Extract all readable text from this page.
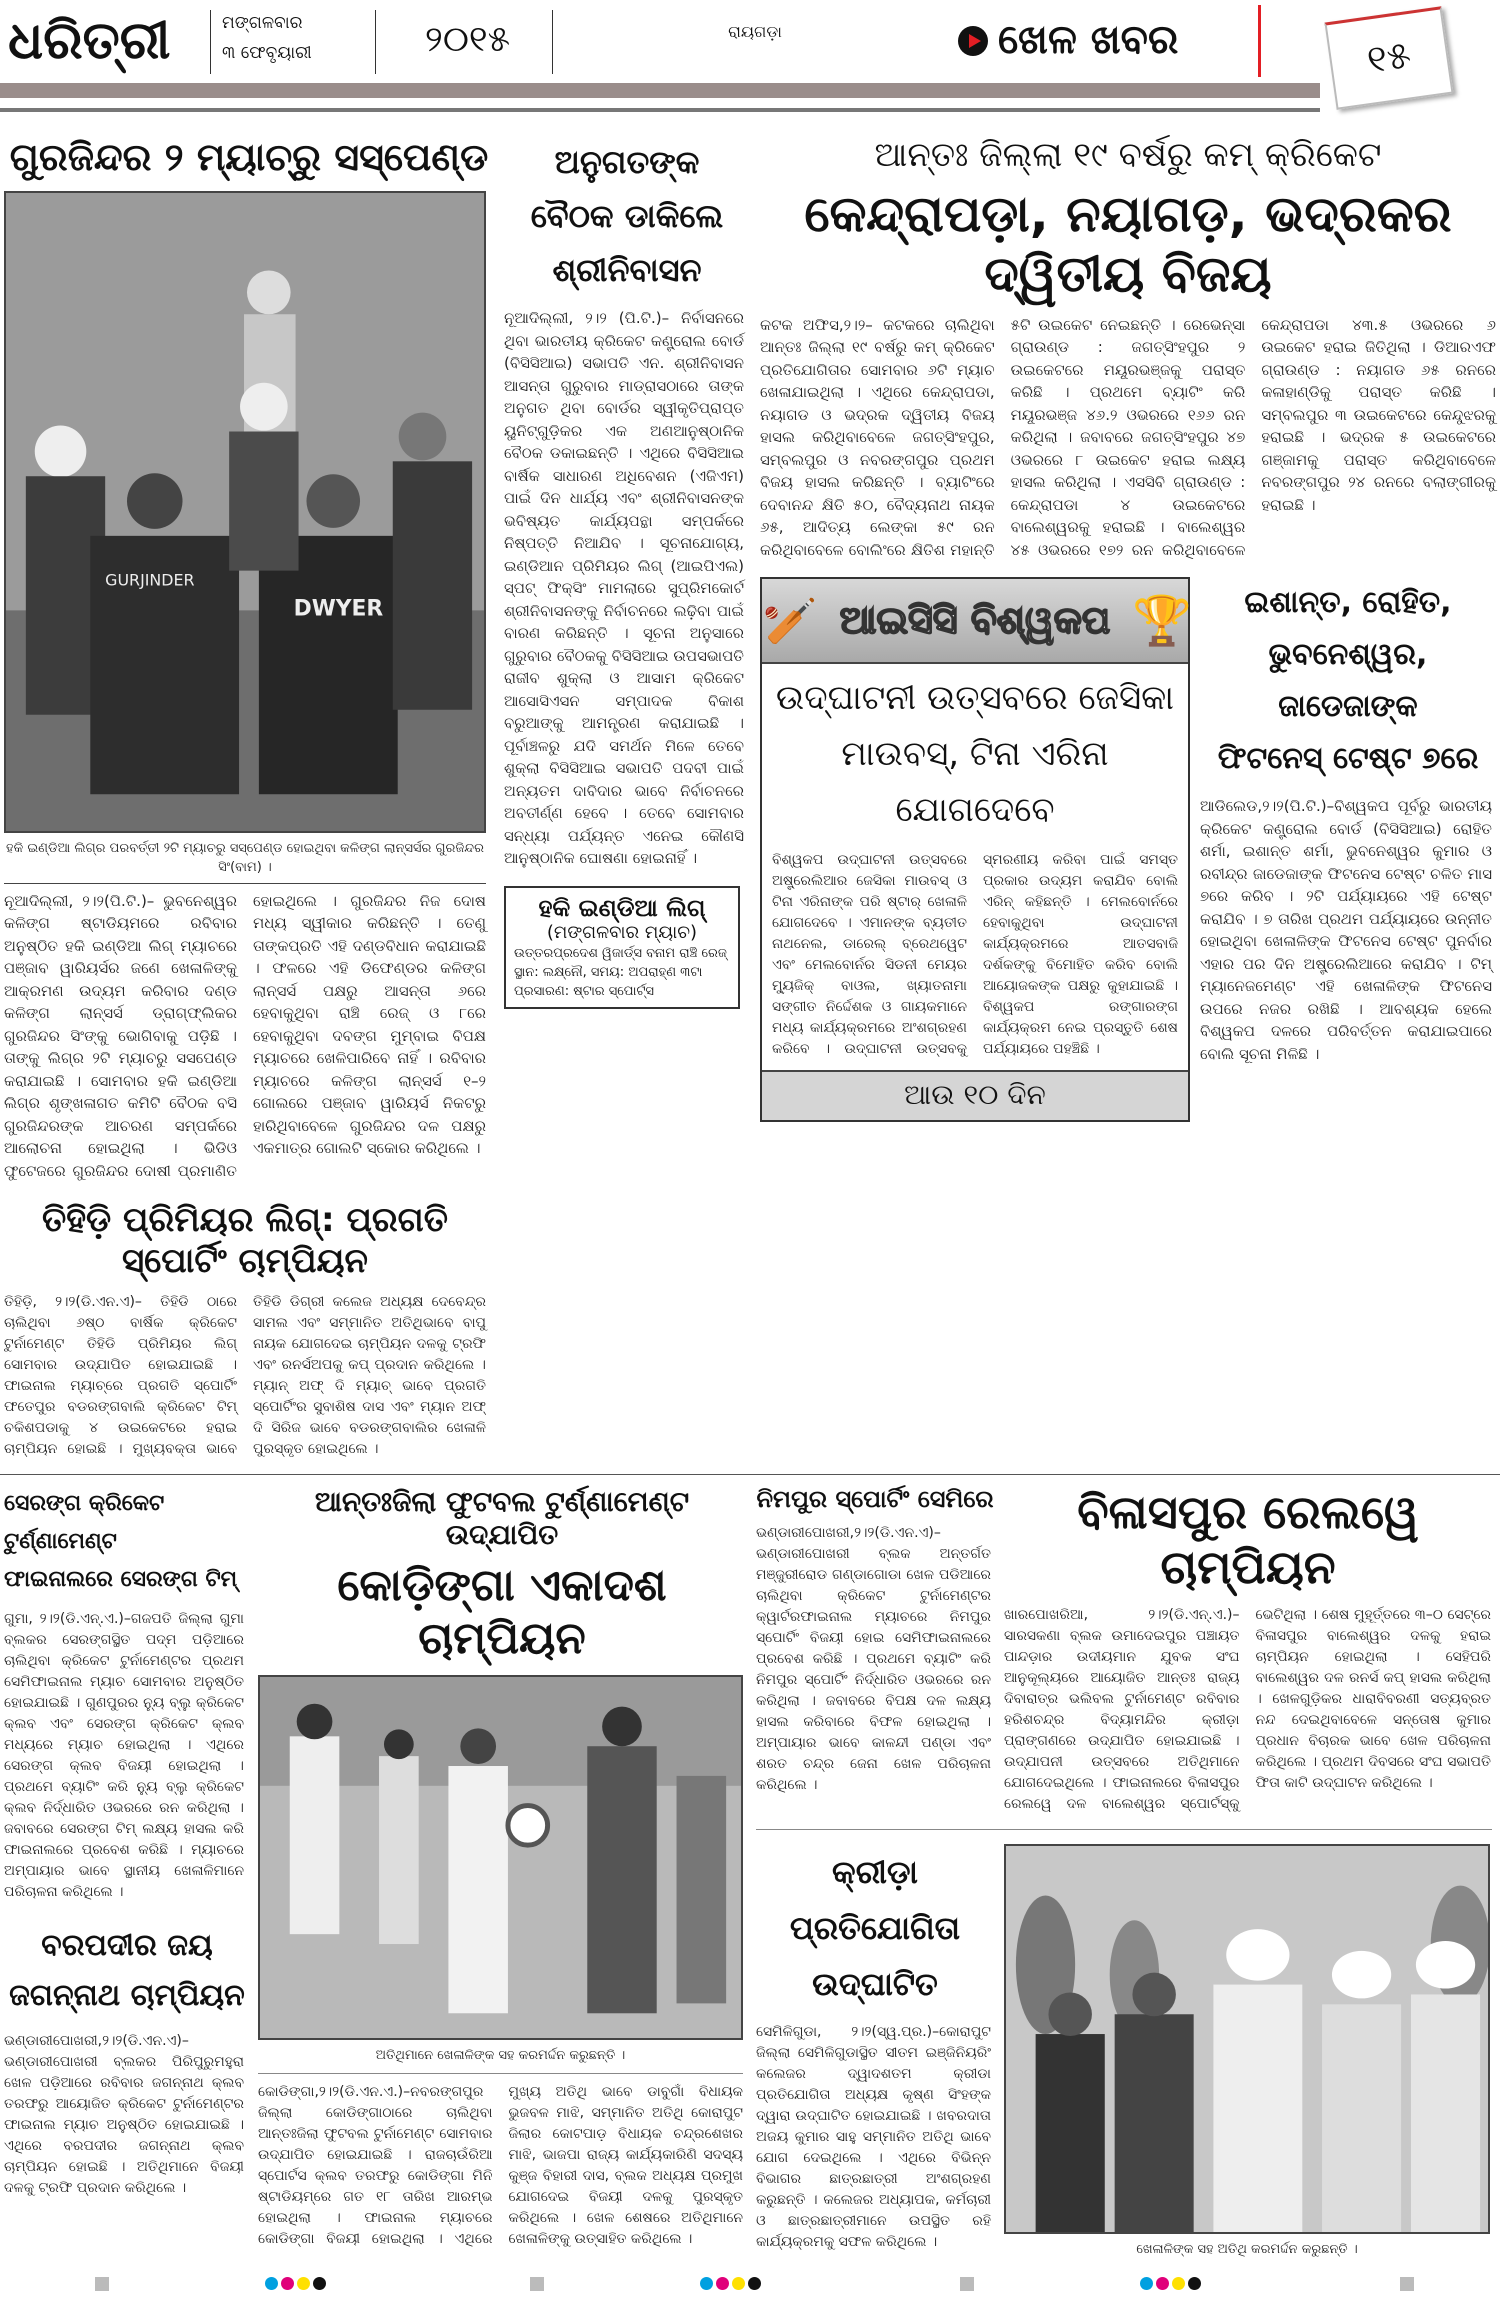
ଧରିତ୍ରୀ	ମଙ୍ଗଳବାର
୩ ଫେବୃୟାରୀ	୨୦୧୫	ରାୟଗଡ଼ା	ଖେଳ ଖବର	୧୫
ଗୁରଜିନ୍ଦର ୨ ମ୍ୟାଚ୍‌ରୁ ସସ୍‌ପେଣ୍ଡ
GURJINDER
DWYER
ହକି ଇଣ୍ଡିଆ ଲିଗ୍‌ର ପରବର୍ତ୍ତୀ ୨ଟି ମ୍ୟାଚରୁ ସସ୍‌ପେଣ୍ଡ ହୋଇଥିବା କଳିଙ୍ଗ ଲାନ୍ସର୍ସର ଗୁରଜିନ୍ଦର ସିଂ(ବାମ) ।
ନୂଆଦିଲ୍ଲୀ, ୨।୨(ପି.ଟି.)– ଭୁବନେଶ୍ୱର କଳିଙ୍ଗ ଷ୍ଟାଡିୟମରେ ରବିବାର ଅନୁଷ୍ଠିତ ହକି ଇଣ୍ଡିଆ ଲିଗ୍ ମ୍ୟାଚରେ ପଞ୍ଜାବ ୱାରିୟର୍ସର ଜଣେ ଖେଳାଳିଙ୍କୁ ଆକ୍ରମଣ ଉଦ୍ୟମ କରିବାର ଦଣ୍ଡ କଳିଙ୍ଗ ଲାନ୍ସର୍ସ ଡ୍ରାଗ୍‌ଫ୍ଲିକର ଗୁରଜିନ୍ଦର ସିଂଙ୍କୁ ଭୋଗିବାକୁ ପଡ଼ିଛି । ତାଙ୍କୁ ଲିଗ୍‌ର ୨ଟି ମ୍ୟାଚରୁ ସସପେଣ୍ଡ କରାଯାଇଛି । ସୋମବାର ହକି ଇଣ୍ଡିଆ ଲିଗ୍‌ର ଶୃଙ୍ଖଳାଗତ କମିଟି ବୈଠକ ବସି ଗୁରଜିନ୍ଦରଙ୍କ ଆଚରଣ ସମ୍ପର୍କରେ ଆଲୋଚନା ହୋଇଥିଲା । ଭିଡିଓ ଫୁଟେଜରେ ଗୁରଜିନ୍ଦର ଦୋଷୀ ପ୍ରମାଣିତ ହୋଇଥିଲେ । ଗୁରଜିନ୍ଦର ନିଜ ଦୋଷ ମଧ୍ୟ ସ୍ୱୀକାର କରିଛନ୍ତି । ତେଣୁ ତାଙ୍କପ୍ରତି ଏହି ଦଣ୍ଡବିଧାନ କରାଯାଇଛି । ଫଳରେ ଏହି ଡିଫେଣ୍ଡର କଳିଙ୍ଗ ଲାନ୍ସର୍ସ ପକ୍ଷରୁ ଆସନ୍ତା ୬ରେ ହେବାକୁଥିବା ରାଞ୍ଚି ରେଜ୍ ଓ ୮ରେ ହେବାକୁଥିବା ଦବଙ୍ଗ ମୁମ୍ବାଇ ବିପକ୍ଷ ମ୍ୟାଚରେ ଖେଳିପାରିବେ ନାହିଁ । ରବିବାର ମ୍ୟାଚରେ କଳିଙ୍ଗ ଲାନ୍ସର୍ସ ୧–୨ ଗୋଲରେ ପଞ୍ଜାବ ୱାରିୟର୍ସ ନିକଟରୁ ହାରିଥିବାବେଳେ ଗୁରଜିନ୍ଦର ଦଳ ପକ୍ଷରୁ ଏକମାତ୍ର ଗୋଲଟି ସ୍କୋର କରିଥିଲେ ।
ତିହିଡ଼ି ପ୍ରିମିୟର ଲିଗ୍: ପ୍ରଗତି ସ୍ପୋର୍ଟିଂ ଚାମ୍ପିୟନ
ତିହିଡ଼ି, ୨।୨(ଡି.ଏନ.ଏ)– ତିହିଡି ଠାରେ ଚାଲିଥିବା ୬ଷ୍ଠ ବାର୍ଷିକ କ୍ରିକେଟ ଟୁର୍ନାମେଣ୍ଟ ତିହିଡି ପ୍ରିମିୟର ଲିଗ୍ ସୋମବାର ଉଦ୍‌ଯାପିତ ହୋଇଯାଇଛି । ଫାଇନାଲ ମ୍ୟାଚ୍‌ରେ ପ୍ରଗତି ସ୍ପୋର୍ଟିଂ ଫତେପୁର ବଡରଙ୍ଗବାଲି କ୍ରିକେଟ ଟିମ୍ ଚକିଶପଡାକୁ ୪ ଉଇକେଟରେ ହରାଇ ଚାମ୍ପିୟନ ହୋଇଛି । ମୁଖ୍ୟବକ୍ତା ଭାବେ ତିହିଡି ଡିଗ୍ରୀ କଲେଜ ଅଧ୍ୟକ୍ଷ ଦେବେନ୍ଦ୍ର ସାମଲ ଏବଂ ସମ୍ମାନିତ ଅତିଥିଭାବେ ବାପୁ ନାୟକ ଯୋଗଦେଇ ଚାମ୍ପିୟନ ଦଳକୁ ଟ୍ରଫି ଏବଂ ରନର୍ସଅପକୁ କପ୍ ପ୍ରଦାନ କରିଥିଲେ । ମ୍ୟାନ୍ ଅଫ୍ ଦି ମ୍ୟାଚ୍ ଭାବେ ପ୍ରଗତି ସ୍ପୋର୍ଟିଂର ସୁବାଶିଷ ଦାସ ଏବଂ ମ୍ୟାନ ଅଫ୍ ଦି ସିରିଜ ଭାବେ ବଡରଙ୍ଗବାଲିର ଖେଳାଳି ପୁରସ୍କୃତ ହୋଇଥିଲେ ।
ଅନୁଗତଙ୍କ
ବୈଠକ ଡାକିଲେ
ଶ୍ରୀନିବାସନ
ନୂଆଦିଲ୍ଲୀ, ୨।୨ (ପି.ଟି.)– ନିର୍ବାସନରେ ଥିବା ଭାରତୀୟ କ୍ରିକେଟ କଣ୍ଟ୍ରୋଲ ବୋର୍ଡ (ବିସିସିଆଇ) ସଭାପତି ଏନ. ଶ୍ରୀନିବାସନ ଆସନ୍ତା ଗୁରୁବାର ମାଡ୍ରାସଠାରେ ତାଙ୍କ ଅନୁଗତ ଥିବା ବୋର୍ଡର ସ୍ୱୀକୃତିପ୍ରାପ୍ତ ୟୁନିଟ୍‌ଗୁଡ଼ିକର ଏକ ଅଣଆନୁଷ୍ଠାନିକ ବୈଠକ ଡକାଇଛନ୍ତି । ଏଥିରେ ବିସିସିଆଇ ବାର୍ଷିକ ସାଧାରଣ ଅଧିବେଶନ (ଏଜିଏମ) ପାଇଁ ଦିନ ଧାର୍ଯ୍ୟ ଏବଂ ଶ୍ରୀନିବାସନଙ୍କ ଭବିଷ୍ୟତ କାର୍ଯ୍ୟପନ୍ଥା ସମ୍ପର୍କରେ ନିଷ୍ପତ୍ତି ନିଆଯିବ । ସୂଚନାଯୋଗ୍ୟ, ଇଣ୍ଡିଆନ ପ୍ରିମିୟର ଲିଗ୍ (ଆଇପିଏଲ) ସ୍ପଟ୍ ଫିକ୍ସିଂ ମାମଲାରେ ସୁପ୍ରିମକୋର୍ଟ ଶ୍ରୀନିବାସନଙ୍କୁ ନିର୍ବାଚନରେ ଲଢ଼ିବା ପାଇଁ ବାରଣ କରିଛନ୍ତି । ସୂଚନା ଅନୁସାରେ ଗୁରୁବାର ବୈଠକକୁ ବିସିସିଆଇ ଉପସଭାପତି ରାଜୀବ ଶୁକ୍ଲା ଓ ଆସାମ କ୍ରିକେଟ ଆସୋସିଏସନ ସମ୍ପାଦକ ବିକାଶ ବରୁଆଙ୍କୁ ଆମନ୍ତ୍ରଣ କରାଯାଇଛି । ପୂର୍ବାଞ୍ଚଳରୁ ଯଦି ସମର୍ଥନ ମିଳେ ତେବେ ଶୁକ୍ଲା ବିସିସିଆଇ ସଭାପତି ପଦବୀ ପାଇଁ ଅନ୍ୟତମ ଦାବିଦାର ଭାବେ ନିର୍ବାଚନରେ ଅବତୀର୍ଣ୍ଣ ହେବେ । ତେବେ ସୋମବାର ସନ୍ଧ୍ୟା ପର୍ଯ୍ୟନ୍ତ ଏନେଇ କୌଣସି ଆନୁଷ୍ଠାନିକ ଘୋଷଣା ହୋଇନାହିଁ ।
ହକି ଇଣ୍ଡିଆ ଲିଗ୍
(ମଙ୍ଗଳବାର ମ୍ୟାଚ)
ଉତ୍ତରପ୍ରଦେଶ ୱିଜାର୍ଡ୍ସ ବନାମ ରାଞ୍ଚି ରେଜ୍
ସ୍ଥାନ: ଲକ୍ଷ୍ନୌ, ସମୟ: ଅପରାହ୍ଣ ୩ଟା
ପ୍ରସାରଣ: ଷ୍ଟାର ସ୍ପୋର୍ଟ୍ସ
ଆନ୍ତଃ ଜିଲ୍ଲା ୧୯ ବର୍ଷରୁ କମ୍ କ୍ରିକେଟ
କେନ୍ଦ୍ରାପଡ଼ା, ନୟାଗଡ଼, ଭଦ୍ରକର ଦ୍ୱିତୀୟ ବିଜୟ
କଟକ ଅଫିସ,୨।୨– କଟକରେ ଚାଲିଥିବା ଆନ୍ତଃ ଜିଲ୍ଲା ୧୯ ବର୍ଷରୁ କମ୍ କ୍ରିକେଟ ପ୍ରତିଯୋଗିତାର ସୋମବାର ୬ଟି ମ୍ୟାଚ ଖେଳାଯାଇଥିଲା । ଏଥିରେ କେନ୍ଦ୍ରାପଡା, ନୟାଗଡ ଓ ଭଦ୍ରକ ଦ୍ୱିତୀୟ ବିଜୟ ହାସଲ କରିଥିବାବେଳେ ଜଗତ୍‌ସିଂହପୁର, ସମ୍ବଲପୁର ଓ ନବରଙ୍ଗପୁର ପ୍ରଥମ ବିଜୟ ହାସଲ କରିଛନ୍ତି । ବ୍ୟାଟିଂରେ ଦେବାନନ୍ଦ କ୍ଷିତି ୫୦, ବୈଦ୍ୟନାଥ ନାୟକ ୬୫, ଆଦିତ୍ୟ ଲେଙ୍କା ୫୯ ରନ କରିଥିବାବେଳେ ବୋଲିଂରେ କ୍ଷିତିଶ ମହାନ୍ତି ୫ଟି ଉଇକେଟ ନେଇଛନ୍ତି । ରେଭେନ୍ସା ଗ୍ରାଉଣ୍ଡ : ଜଗତ୍‌ସିଂହପୁର ୨ ଉଇକେଟରେ ମୟୂରଭଞ୍ଜକୁ ପରାସ୍ତ କରିଛି । ପ୍ରଥମେ ବ୍ୟାଟିଂ କରି ମୟୂରଭଞ୍ଜ ୪୬.୨ ଓଭରରେ ୧୬୬ ରନ କରିଥିଲା । ଜବାବରେ ଜଗତ୍‌ସିଂହପୁର ୪୭ ଓଭରରେ ୮ ଉଇକେଟ ହରାଇ ଲକ୍ଷ୍ୟ ହାସଲ କରିଥିଲା । ଏସସିବି ଗ୍ରାଉଣ୍ଡ : କେନ୍ଦ୍ରାପଡା ୪ ଉଇକେଟରେ ବାଲେଶ୍ୱରକୁ ହରାଇଛି । ବାଲେଶ୍ୱର ୪୫ ଓଭରରେ ୧୭୨ ରନ କରିଥିବାବେଳେ କେନ୍ଦ୍ରାପଡା ୪୩.୫ ଓଭରରେ ୬ ଉଇକେଟ ହରାଇ ଜିତିଥିଲା । ଡିଆରଏଫ ଗ୍ରାଉଣ୍ଡ : ନୟାଗଡ ୬୫ ରନରେ କଳାହାଣ୍ଡିକୁ ପରାସ୍ତ କରିଛି । ସମ୍ବଲପୁର ୩ ଉଇକେଟରେ କେନ୍ଦୁଝରକୁ ହରାଇଛି । ଭଦ୍ରକ ୫ ଉଇକେଟରେ ଗଞ୍ଜାମକୁ ପରାସ୍ତ କରିଥିବାବେଳେ ନବରଙ୍ଗପୁର ୨୪ ରନରେ ବଲାଙ୍ଗୀରକୁ ହରାଇଛି ।
🏏 ଆଇସିସି ବିଶ୍ୱକପ 🏆
ଉଦ୍‌ଘାଟନୀ ଉତ୍ସବରେ ଜେସିକା
ମାଉବସ୍, ଟିନା ଏରିନା ଯୋଗଦେବେ
ବିଶ୍ୱକପ ଉଦ୍‌ଘାଟନୀ ଉତ୍ସବରେ ଅଷ୍ଟ୍ରେଲିଆର ଜେସିକା ମାଉବସ୍ ଓ ଟିନା ଏରିନାଙ୍କ ପରି ଷ୍ଟାର୍ ଖେଳାଳି ଯୋଗଦେବେ । ଏମାନଙ୍କ ବ୍ୟତୀତ ନାଥନେଲ, ଡାରେଲ୍ ବ୍ରେଥୱେଟ ଏବଂ ମେଲବୋର୍ନର ସିଡନୀ ମେୟର ମ୍ୟୁଜିକ୍ ବାଓଲ, ଖ୍ୟାତନାମା ସଙ୍ଗୀତ ନିର୍ଦ୍ଦେଶକ ଓ ଗାୟକମାନେ ମଧ୍ୟ କାର୍ଯ୍ୟକ୍ରମରେ ଅଂଶଗ୍ରହଣ କରିବେ । ଉଦ୍‌ଘାଟନୀ ଉତ୍ସବକୁ ସ୍ମରଣୀୟ କରିବା ପାଇଁ ସମସ୍ତ ପ୍ରକାର ଉଦ୍ୟମ କରାଯିବ ବୋଲି ଏରିନ୍ କହିଛନ୍ତି । ମେଲବୋର୍ନରେ ହେବାକୁଥିବା ଉଦ୍‌ଘାଟନୀ କାର୍ଯ୍ୟକ୍ରମରେ ଆତସବାଜି ଦର୍ଶକଙ୍କୁ ବିମୋହିତ କରିବ ବୋଲି ଆୟୋଜକଙ୍କ ପକ୍ଷରୁ କୁହାଯାଇଛି । ବିଶ୍ୱକପ ରଙ୍ଗାରଙ୍ଗ କାର୍ଯ୍ୟକ୍ରମ ନେଇ ପ୍ରସ୍ତୁତି ଶେଷ ପର୍ଯ୍ୟାୟରେ ପହଞ୍ଚିଛି ।
ଆଉ ୧୦ ଦିନ
ଇଶାନ୍ତ, ରୋହିତ,
ଭୁବନେଶ୍ୱର, ଜାଡେଜାଙ୍କ
ଫିଟନେସ୍ ଟେଷ୍ଟ ୭ରେ
ଆଡିଲେଡ,୨।୨(ପି.ଟି.)–ବିଶ୍ୱକପ ପୂର୍ବରୁ ଭାରତୀୟ କ୍ରିକେଟ କଣ୍ଟ୍ରୋଲ ବୋର୍ଡ (ବିସିସିଆଇ) ରୋହିତ ଶର୍ମା, ଇଶାନ୍ତ ଶର୍ମା, ଭୁବନେଶ୍ୱର କୁମାର ଓ ରବୀନ୍ଦ୍ର ଜାଡେଜାଙ୍କ ଫିଟନେସ ଟେଷ୍ଟ ଚଳିତ ମାସ ୭ରେ କରିବ । ୨ଟି ପର୍ଯ୍ୟାୟରେ ଏହି ଟେଷ୍ଟ କରାଯିବ । ୭ ତାରିଖ ପ୍ରଥମ ପର୍ଯ୍ୟାୟରେ ଉନ୍ନୀତ ହୋଇଥିବା ଖେଳାଳିଙ୍କ ଫିଟନେସ ଟେଷ୍ଟ ପୁନର୍ବାର ଏହାର ପର ଦିନ ଅଷ୍ଟ୍ରେଲିଆରେ କରାଯିବ । ଟିମ୍ ମ୍ୟାନେଜମେଣ୍ଟ ଏହି ଖେଳାଳିଙ୍କ ଫିଟନେସ ଉପରେ ନଜର ରଖିଛି । ଆବଶ୍ୟକ ହେଲେ ବିଶ୍ୱକପ ଦଳରେ ପରିବର୍ତ୍ତନ କରାଯାଇପାରେ ବୋଲି ସୂଚନା ମିଳିଛି ।
ସେରଙ୍ଗ କ୍ରିକେଟ ଟୁର୍ଣ୍ଣାମେଣ୍ଟ
ଫାଇନାଲରେ ସେରଙ୍ଗ ଟିମ୍
ଗୁମା, ୨।୨(ଡି.ଏନ୍.ଏ.)–ଗଜପତି ଜିଲ୍ଲା ଗୁମା ବ୍ଲକର ସେରଙ୍ଗସ୍ଥିତ ପଦ୍ମ ପଡ଼ିଆରେ ଚାଲିଥିବା କ୍ରିକେଟ ଟୁର୍ନାମେଣ୍ଟର ପ୍ରଥମ ସେମିଫାଇନାଲ ମ୍ୟାଚ ସୋମବାର ଅନୁଷ୍ଠିତ ହୋଇଯାଇଛି । ଗୁଣପୁରର ନ୍ୟୁ ବ୍ଲୁ କ୍ରିକେଟ କ୍ଲବ ଏବଂ ସେରଙ୍ଗ କ୍ରିକେଟ କ୍ଲବ ମଧ୍ୟରେ ମ୍ୟାଚ ହୋଇଥିଲା । ଏଥିରେ ସେରଙ୍ଗ କ୍ଲବ ବିଜୟୀ ହୋଇଥିଲା । ପ୍ରଥମେ ବ୍ୟାଟିଂ କରି ନ୍ୟୁ ବ୍ଲୁ କ୍ରିକେଟ କ୍ଲବ ନିର୍ଦ୍ଧାରିତ ଓଭରରେ ରନ କରିଥିଲା । ଜବାବରେ ସେରଙ୍ଗ ଟିମ୍ ଲକ୍ଷ୍ୟ ହାସଲ କରି ଫାଇନାଲରେ ପ୍ରବେଶ କରିଛି । ମ୍ୟାଚରେ ଅମ୍ପାୟାର ଭାବେ ସ୍ଥାନୀୟ ଖେଳାଳିମାନେ ପରିଚାଳନା କରିଥିଲେ ।
ବରପଦୀର ଜୟ
ଜଗନ୍ନାଥ ଚାମ୍ପିୟନ
ଭଣ୍ଡାରୀପୋଖରୀ,୨।୨(ଡି.ଏନ.ଏ)– ଭଣ୍ଡାରୀପୋଖରୀ ବ୍ଲକର ପିରିପୁରୁମହୁରା ଖେଳ ପଡ଼ିଆରେ ରବିବାର ଜଗନ୍ନାଥ କ୍ଲବ ତରଫରୁ ଆୟୋଜିତ କ୍ରିକେଟ ଟୁର୍ନାମେଣ୍ଟର ଫାଇନାଲ ମ୍ୟାଚ ଅନୁଷ୍ଠିତ ହୋଇଯାଇଛି । ଏଥିରେ ବରପଦୀର ଜଗନ୍ନାଥ କ୍ଲବ ଚାମ୍ପିୟନ ହୋଇଛି । ଅତିଥିମାନେ ବିଜୟୀ ଦଳକୁ ଟ୍ରଫି ପ୍ରଦାନ କରିଥିଲେ ।
ଆନ୍ତଃଜିଲା ଫୁଟବଲ ଟୁର୍ଣ୍ଣାମେଣ୍ଟ ଉଦ୍‌ଯାପିତ
କୋଡ଼ିଙ୍ଗା ଏକାଦଶ ଚାମ୍ପିୟନ
ଅତିଥିମାନେ ଖେଳାଳିଙ୍କ ସହ କରମର୍ଦ୍ଦନ କରୁଛନ୍ତି ।
କୋଡିଙ୍ଗା,୨।୨(ଡି.ଏନ.ଏ.)–ନବରଙ୍ଗପୁର ଜିଲ୍ଲା କୋଡିଙ୍ଗାଠାରେ ଚାଲିଥିବା ଆନ୍ତଃଜିଲା ଫୁଟବଲ ଟୁର୍ନାମେଣ୍ଟ ସୋମବାର ଉଦ୍‌ଯାପିତ ହୋଇଯାଇଛି । ରାଜଚାଉଁରିଆ ସ୍ପୋର୍ଟସ କ୍ଲବ ତରଫରୁ କୋଡିଙ୍ଗା ମିନି ଷ୍ଟାଡିୟମ୍‌ରେ ଗତ ୧୮ ତାରିଖ ଆରମ୍ଭ ହୋଇଥିଲା । ଫାଇନାଲ ମ୍ୟାଚରେ କୋଡିଙ୍ଗା ବିଜୟୀ ହୋଇଥିଲା । ଏଥିରେ ମୁଖ୍ୟ ଅତିଥି ଭାବେ ଡାବୁଗାଁ ବିଧାୟକ ଭୁଜବଳ ମାଝି, ସମ୍ମାନିତ ଅତିଥି କୋରାପୁଟ ଜିଲାର କୋଟପାଡ଼ ବିଧାୟକ ଚନ୍ଦ୍ରଶେଖର ମାଝି, ଭାଜପା ରାଜ୍ୟ କାର୍ଯ୍ୟକାରିଣି ସଦସ୍ୟ କୁଞ୍ଜ ବିହାରୀ ଦାସ, ବ୍ଲକ ଅଧ୍ୟକ୍ଷ ପ୍ରମୁଖ ଯୋଗଦେଇ ବିଜୟୀ ଦଳକୁ ପୁରସ୍କୃତ କରିଥିଲେ । ଖେଳ ଶେଷରେ ଅତିଥିମାନେ ଖେଳାଳିଙ୍କୁ ଉତ୍ସାହିତ କରିଥିଲେ ।
ନିମପୁର ସ୍ପୋର୍ଟିଂ ସେମିରେ
ଭଣ୍ଡାରୀପୋଖରୀ,୨।୨(ଡି.ଏନ.ଏ)– ଭଣ୍ଡାରୀପୋଖରୀ ବ୍ଲକ ଅନ୍ତର୍ଗତ ମଞ୍ଜୁରୀରୋଡ ଗଣ୍ଡାଗୋଡା ଖେଳ ପଡିଆରେ ଚାଲିଥିବା କ୍ରିକେଟ ଟୁର୍ନାମେଣ୍ଟର କ୍ୱାର୍ଟରଫାଇନାଲ ମ୍ୟାଚରେ ନିମପୁର ସ୍ପୋର୍ଟିଂ ବିଜୟୀ ହୋଇ ସେମିଫାଇନାଲରେ ପ୍ରବେଶ କରିଛି । ପ୍ରଥମେ ବ୍ୟାଟିଂ କରି ନିମପୁର ସ୍ପୋର୍ଟିଂ ନିର୍ଦ୍ଧାରିତ ଓଭରରେ ରନ କରିଥିଲା । ଜବାବରେ ବିପକ୍ଷ ଦଳ ଲକ୍ଷ୍ୟ ହାସଲ କରିବାରେ ବିଫଳ ହୋଇଥିଲା । ଅମ୍ପାୟାର ଭାବେ କାଳନ୍ଦୀ ପଣ୍ଡା ଏବଂ ଶରତ ଚନ୍ଦ୍ର ଜେନା ଖେଳ ପରିଚାଳନା କରିଥିଲେ ।
ବିଳାସପୁର ରେଲୱେ ଚାମ୍ପିୟନ
ଖାରପୋଖରିଆ, ୨।୨(ଡି.ଏନ୍.ଏ.)–ସାରସକଣା ବ୍ଲକ ଉମାଦେଇପୁର ପଞ୍ଚାୟତ ପାନ୍ଦଡ଼ାର ଉଦୀୟମାନ ଯୁବକ ସଂଘ ଆନୁକୂଲ୍ୟରେ ଆୟୋଜିତ ଆନ୍ତଃ ରାଜ୍ୟ ଦିବାରାତ୍ର ଭଲିବଲ ଟୁର୍ନାମେଣ୍ଟ ରବିବାର ହରିଶଚନ୍ଦ୍ର ବିଦ୍ୟାମନ୍ଦିର କ୍ରୀଡ଼ା ପ୍ରାଙ୍ଗଣରେ ଉଦ୍‌ଯାପିତ ହୋଇଯାଇଛି । ଉଦ୍‌ଯାପନୀ ଉତ୍ସବରେ ଅତିଥିମାନେ ଯୋଗଦେଇଥିଲେ । ଫାଇନାଲରେ ବିଳାସପୁର ରେଲୱେ ଦଳ ବାଲେଶ୍ୱର ସ୍ପୋର୍ଟସ୍‌କୁ ଭେଟିଥିଲା । ଶେଷ ମୁହୂର୍ତ୍ତରେ ୩–୦ ସେଟ୍‌ରେ ବିଳାସପୁର ବାଲେଶ୍ୱର ଦଳକୁ ହରାଇ ଚାମ୍ପିୟନ ହୋଇଥିଲା । ସେହିପରି ବାଲେଶ୍ୱର ଦଳ ରନର୍ସ କପ୍ ହାସଲ କରିଥିଲା । ଖେଳଗୁଡ଼ିକର ଧାରାବିବରଣୀ ସତ୍ୟବ୍ରତ ନନ୍ଦ ଦେଇଥିବାବେଳେ ସନ୍ତୋଷ କୁମାର ପ୍ରଧାନ ବିଚାରକ ଭାବେ ଖେଳ ପରିଚାଳନା କରିଥିଲେ । ପ୍ରଥମ ଦିବସରେ ସଂଘ ସଭାପତି ଫିତା କାଟି ଉଦ୍‌ଘାଟନ କରିଥିଲେ ।
କ୍ରୀଡ଼ା ପ୍ରତିଯୋଗିତା
ଉଦ୍‌ଘାଟିତ
ସେମିଳିଗୁଡା, ୨।୨(ସ୍ୱ.ପ୍ର.)–କୋରାପୁଟ ଜିଲ୍ଲା ସେମିଳିଗୁଡାସ୍ଥିତ ସୀତମ ଇଞ୍ଜିନିୟରିଂ କଲେଜର ଦ୍ୱାଦଶତମ କ୍ରୀଡା ପ୍ରତିଯୋଗିତା ଅଧ୍ୟକ୍ଷ କୃଷ୍ଣ ସିଂହଙ୍କ ଦ୍ୱାରା ଉଦ୍‌ଘାଟିତ ହୋଇଯାଇଛି । ଖବରଦାତା ଅଜୟ କୁମାର ସାହୁ ସମ୍ମାନିତ ଅତିଥି ଭାବେ ଯୋଗ ଦେଇଥିଲେ । ଏଥିରେ ବିଭିନ୍ନ ବିଭାଗର ଛାତ୍ରଛାତ୍ରୀ ଅଂଶଗ୍ରହଣ କରୁଛନ୍ତି । କଲେଜର ଅଧ୍ୟାପକ, କର୍ମଚାରୀ ଓ ଛାତ୍ରଛାତ୍ରୀମାନେ ଉପସ୍ଥିତ ରହି କାର୍ଯ୍ୟକ୍ରମକୁ ସଫଳ କରିଥିଲେ ।	ଖେଳାଳିଙ୍କ ସହ ଅତିଥି କରମର୍ଦ୍ଦନ କରୁଛନ୍ତି ।
